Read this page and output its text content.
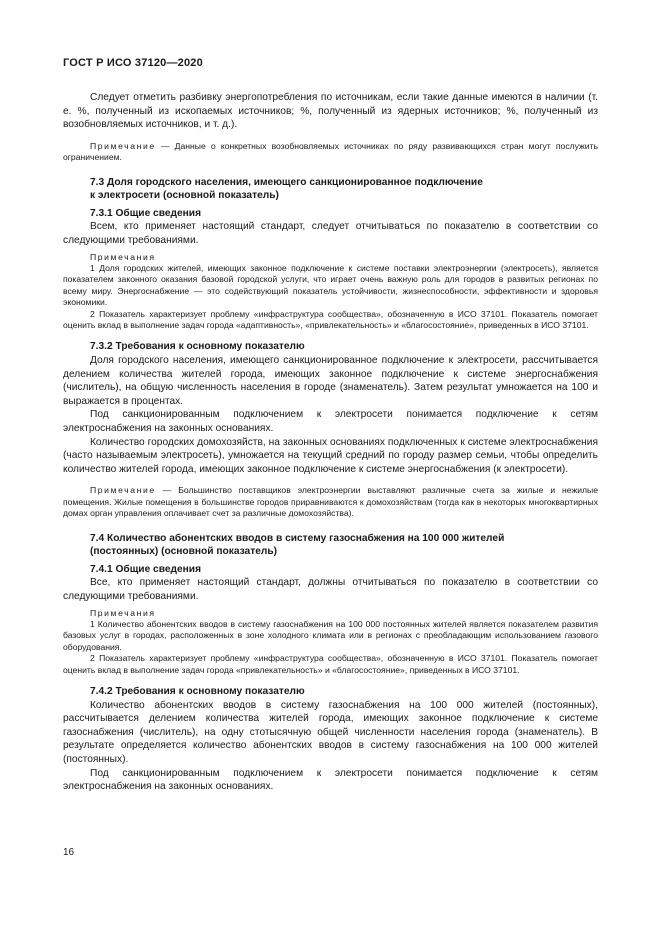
ГОСТ Р ИСО 37120—2020

Следует отметить разбивку энергопотребления по источникам, если такие данные имеются в наличии (т. е. %, полученный из ископаемых источников; %, полученный из ядерных источников; %, полученный из возобновляемых источников, и т. д.).

Примечание — Данные о конкретных возобновляемых источниках по ряду развивающихся стран могут послужить ограничением.

7.3 Доля городского населения, имеющего санкционированное подключение
к электросети (основной показатель)
7.3.1 Общие сведения

Всем, кто применяет настоящий стандарт, следует отчитываться по показателю в соответствии со следующими требованиями.

Примечания

1 Доля городских жителей, имеющих законное подключение к системе поставки электроэнергии (электросеть), является показателем законного оказания базовой городской услуги, что играет очень важную роль для городов в развитых регионах по всему миру. Энергоснабжение — это содействующий показатель устойчивости, жизнеспособности, эффективности и здоровья экономики.

2 Показатель характеризует проблему «инфраструктура сообщества», обозначенную в ИСО 37101. Показатель помогает оценить вклад в выполнение задач города «адаптивность», «привлекательность» и «благосостояние», приведенных в ИСО 37101.

7.3.2 Требования к основному показателю

Доля городского населения, имеющего санкционированное подключение к электросети, рассчитывается делением количества жителей города, имеющих законное подключение к системе энергоснабжения (числитель), на общую численность населения в городе (знаменатель). Затем результат умножается на 100 и выражается в процентах.

Под санкционированным подключением к электросети понимается подключение к сетям электроснабжения на законных основаниях.

Количество городских домохозяйств, на законных основаниях подключенных к системе электроснабжения (часто называемым электросеть), умножается на текущий средний по городу размер семьи, чтобы определить количество жителей города, имеющих законное подключение к системе энергоснабжения (к электросети).

Примечание — Большинство поставщиков электроэнергии выставляют различные счета за жилые и нежилые помещения. Жилые помещения в большинстве городов приравниваются к домохозяйствам (тогда как в некоторых многоквартирных домах орган управления оплачивает счет за различные домохозяйства).

7.4 Количество абонентских вводов в систему газоснабжения на 100 000 жителей
(постоянных) (основной показатель)
7.4.1 Общие сведения

Все, кто применяет настоящий стандарт, должны отчитываться по показателю в соответствии со следующими требованиями.

Примечания

1 Количество абонентских вводов в систему газоснабжения на 100 000 постоянных жителей является показателем развития базовых услуг в городах, расположенных в зоне холодного климата или в регионах с преобладающим использованием газового оборудования.

2 Показатель характеризует проблему «инфраструктура сообщества», обозначенную в ИСО 37101. Показатель помогает оценить вклад в выполнение задач города «привлекательность» и «благосостояние», приведенных в ИСО 37101.

7.4.2 Требования к основному показателю

Количество абонентских вводов в систему газоснабжения на 100 000 жителей (постоянных), рассчитывается делением количества жителей города, имеющих законное подключение к системе газоснабжения (числитель), на одну стотысячную общей численности населения города (знаменатель). В результате определяется количество абонентских вводов в систему газоснабжения на 100 000 жителей (постоянных).

Под санкционированным подключением к электросети понимается подключение к сетям электроснабжения на законных основаниях.

16
